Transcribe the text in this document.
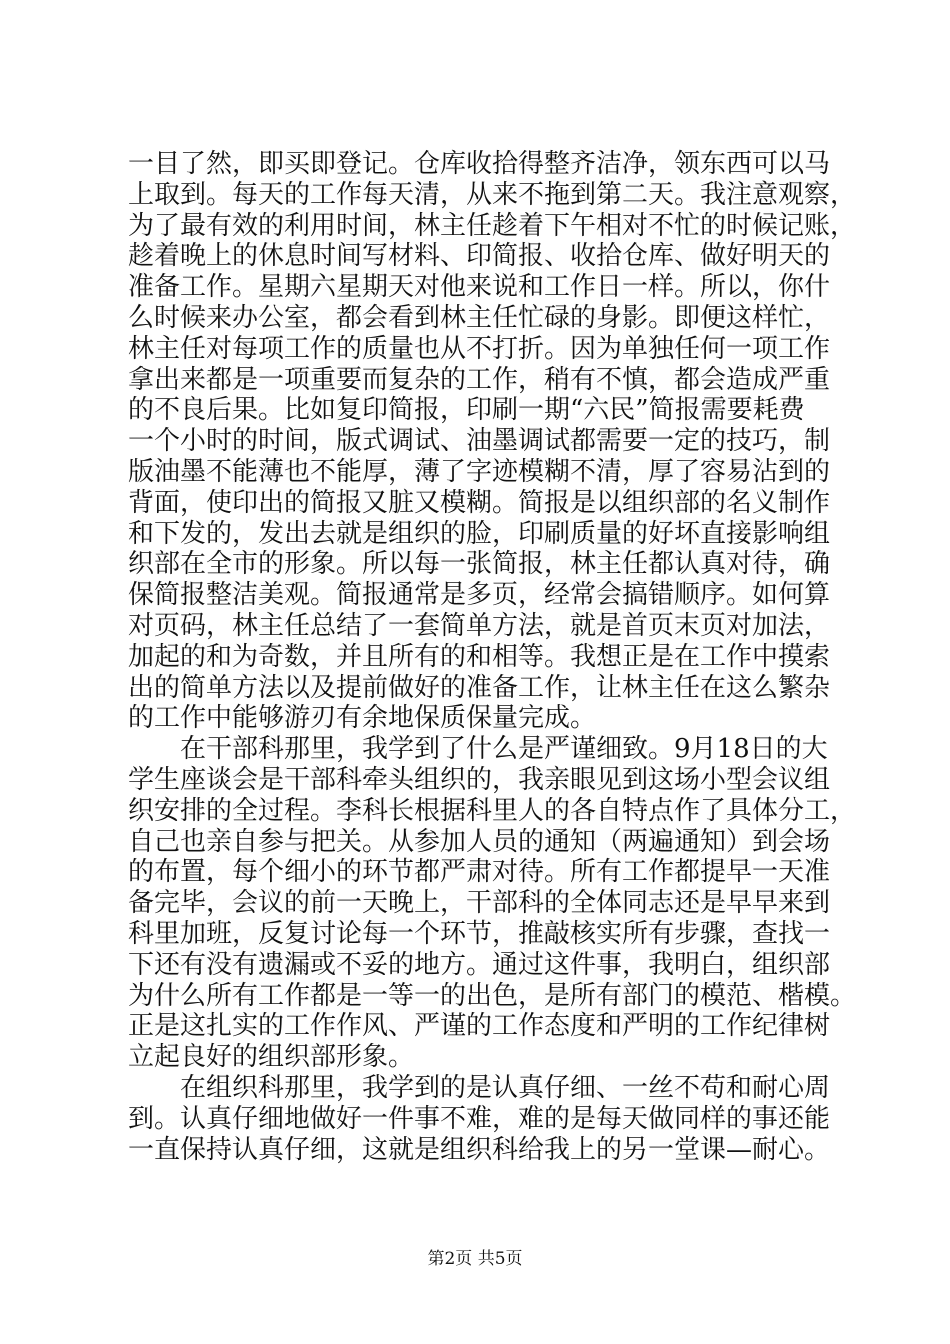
一目了然，即买即登记。仓库收拾得整齐洁净，领东西可以马
上取到。每天的工作每天清，从来不拖到第二天。我注意观察，
为了最有效的利用时间，林主任趁着下午相对不忙的时候记账，
趁着晚上的休息时间写材料、印简报、收拾仓库、做好明天的
准备工作。星期六星期天对他来说和工作日一样。所以，你什
么时候来办公室，都会看到林主任忙碌的身影。即便这样忙，
林主任对每项工作的质量也从不打折。因为单独任何一项工作
拿出来都是一项重要而复杂的工作，稍有不慎，都会造成严重
的不良后果。比如复印简报，印刷一期“六民”简报需要耗费
一个小时的时间，版式调试、油墨调试都需要一定的技巧，制
版油墨不能薄也不能厚，薄了字迹模糊不清，厚了容易沾到的
背面，使印出的简报又脏又模糊。简报是以组织部的名义制作
和下发的，发出去就是组织的脸，印刷质量的好坏直接影响组
织部在全市的形象。所以每一张简报，林主任都认真对待，确
保简报整洁美观。简报通常是多页，经常会搞错顺序。如何算
对页码，林主任总结了一套简单方法，就是首页末页对加法，
加起的和为奇数，并且所有的和相等。我想正是在工作中摸索
出的简单方法以及提前做好的准备工作，让林主任在这么繁杂
的工作中能够游刃有余地保质保量完成。
　　在干部科那里，我学到了什么是严谨细致。9月18日的大
学生座谈会是干部科牵头组织的，我亲眼见到这场小型会议组
织安排的全过程。李科长根据科里人的各自特点作了具体分工，
自己也亲自参与把关。从参加人员的通知（两遍通知）到会场
的布置，每个细小的环节都严肃对待。所有工作都提早一天准
备完毕，会议的前一天晚上，干部科的全体同志还是早早来到
科里加班，反复讨论每一个环节，推敲核实所有步骤，查找一
下还有没有遗漏或不妥的地方。通过这件事，我明白，组织部
为什么所有工作都是一等一的出色，是所有部门的模范、楷模。
正是这扎实的工作作风、严谨的工作态度和严明的工作纪律树
立起良好的组织部形象。
　　在组织科那里，我学到的是认真仔细、一丝不苟和耐心周
到。认真仔细地做好一件事不难，难的是每天做同样的事还能
一直保持认真仔细，这就是组织科给我上的另一堂课—耐心。
第2页 共5页
